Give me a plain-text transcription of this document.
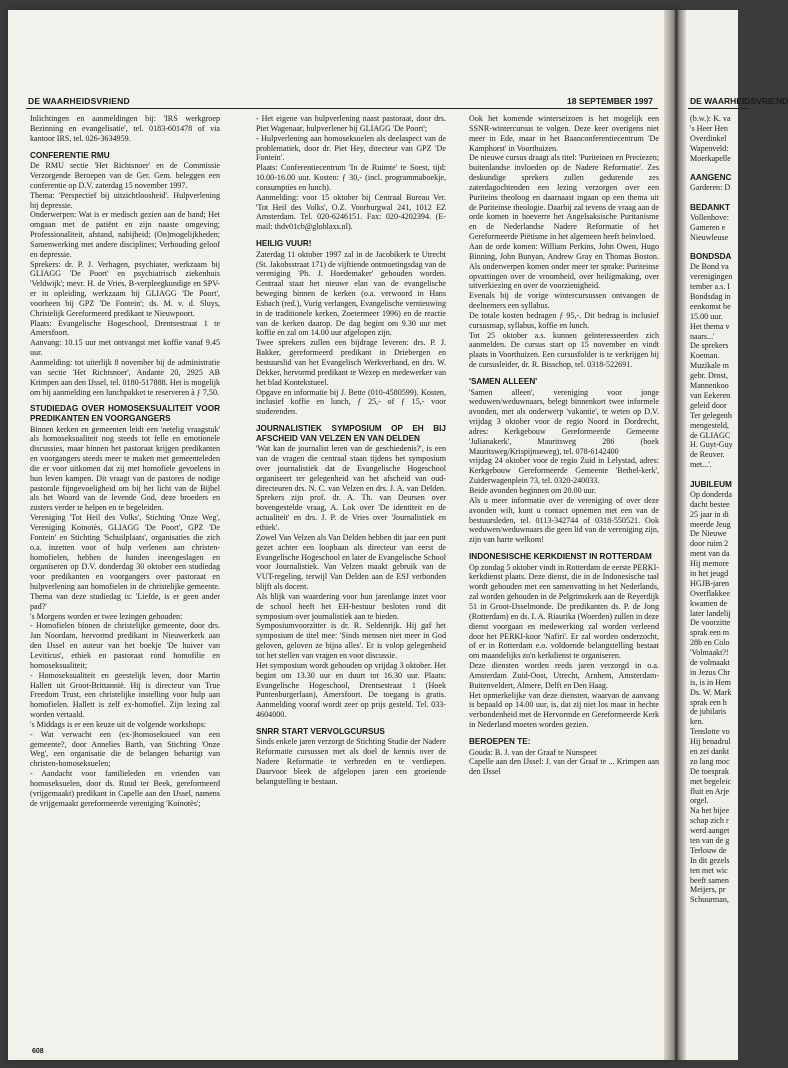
DE WAARHEIDSVRIEND	18 SEPTEMBER 1997

Inlichtingen en aanmeldingen bij: 'IRS werkgroep Bezinning en evangelisatie', tel. 0183-601478 of via kantoor IRS, tel. 026-3634959.

CONFERENTIE RMU

De RMU sectie 'Het Richtsnoer' en de Commissie Verzorgende Beroepen van de Ger. Gem. beleggen een conferentie op D.V. zaterdag 15 november 1997.

Thema: 'Perspectief bij uitzichtloosheid'. Hulpverlening bij depressie.

Onderwerpen: Wat is er medisch gezien aan de hand; Het omgaan met de patiënt en zijn naaste omgeving; Professionaliteit, afstand, nabijheid; (On)mogelijkheden; Samenwerking met andere disciplines; Verhouding geloof en depressie.

Sprekers: dr. P. J. Verhagen, psychiater, werkzaam bij GLIAGG 'De Poort' en psychiatrisch ziekenhuis 'Veldwijk'; mevr. H. de Vries, B-verpleegkundige en SPV-er in opleiding, werkzaam bij GLIAGG 'De Poort', voorheen bij GPZ 'De Fontein'; ds. M. v. d. Sluys, Christelijk Gereformeerd predikant te Nieuwpoort.

Plaats: Evangelische Hogeschool, Drentsestraat 1 te Amersfoort.

Aanvang: 10.15 uur met ontvangst met koffie vanaf 9.45 uur.

Aanmelding: tot uiterlijk 8 november bij de administratie van sectie 'Het Richtsnoer', Andante 20, 2925 AB Krimpen aan den IJssel, tel. 0180-517888. Het is mogelijk om bij aanmelding een lunchpakket te reserveren à ƒ 7,50.

STUDIEDAG OVER HOMOSEKSUALITEIT VOOR PREDIKANTEN EN VOORGANGERS

Binnen kerken en gemeenten leidt een 'netelig vraagstuk' als homoseksualiteit nog steeds tot felle en emotionele discussies, maar binnen het pastoraat krijgen predikanten en voorgangers steeds meer te maken met gemeenteleden die er voor uitkomen dat zij met homofiele gevoelens in hun leven kampen. Dit vraagt van de pastores de nodige pastorale fijngevoeligheid om bij het licht van de Bijbel als het Woord van de levende God, deze broeders en zusters verder te helpen en te begeleiden.

Vereniging 'Tot Heil des Volks', Stichting 'Onze Weg', Vereniging Koinotès, GLIAGG 'De Poort', GPZ 'De Fontein' en Stichting 'Schuilplaats', organisaties die zich o.a. inzetten voor of hulp verlenen aan christen-homofielen, hebben de handen ineengeslagen en organiseren op D.V. donderdag 30 oktober een studiedag voor predikanten en voorgangers over pastoraat en hulpverlening aan homofielen in de christelijke gemeente. Thema van deze studiedag is: 'Liefde, is er geen ander pad?'

's Morgens worden er twee lezingen gehouden:

- Homofielen binnen de christelijke gemeente, door drs. Jan Noordam, hervormd predikant in Nieuwerkerk aan den IJssel en auteur van het boekje 'De huiver van Leviticus', ethiek en pastoraat rond homofilie en homoseksualiteit;

- Homoseksualiteit en geestelijk leven, door Martin Hallett uit Groot-Brittannië. Hij is directeur van True Freedom Trust, een christelijke instelling voor hulp aan homofielen. Hallett is zelf ex-homofiel. Zijn lezing zal worden vertaald.

's Middags is er een keuze uit de volgende workshops:

- Wat verwacht een (ex-)homoseksueel van een gemeente?, door Annelies Barth, van Stichting 'Onze Weg', een organisatie die de belangen behartigt van christen-homoseksuelen;

- Aandacht voor familieleden en vrienden van homoseksuelen, door ds. Ruud ter Beek, gereformeerd (vrijgemaakt) predikant in Capelle aan den IJssel, namens de vrijgemaakt gereformeerde vereniging 'Koinotès';

- Het eigene van hulpverlening naast pastoraat, door drs. Piet Wagenaar, hulpverlener bij GLIAGG 'De Poort';

- Hulpverlening aan homoseksuelen als deelaspect van de problematiek, door dr. Piet Hey, directeur van GPZ 'De Fontein'.

Plaats: Conferentiecentrum 'In de Ruimte' te Soest, tijd: 10.00-16.00 uur. Kosten: ƒ 30,- (incl. programmaboekje, consumpties en lunch).

Aanmelding: voor 15 oktober bij Centraal Bureau Ver. 'Tot Heil des Volks', O.Z. Voorburgwal 241, 1012 EZ Amsterdam. Tel. 020-6246151. Fax: 020-4202394. (E-mail: thdv01cb@globlaxs.nl).

HEILIG VUUR!

Zaterdag 11 oktober 1997 zal in de Jacobikerk te Utrecht (St. Jakobsstraat 171) de vijftiende ontmoetingsdag van de vereniging 'Ph. J. Hoedemaker' gehouden worden. Centraal staat het nieuwe elan van de evangelische beweging binnen de kerken (o.a. verwoord in Hans Esbach (red.), Vurig verlangen, Evangelische vernieuwing in de traditionele kerken, Zoetermeer 1996) en de reactie van de kerken daarop. De dag begint om 9.30 uur met koffie en zal om 14.00 uur afgelopen zijn.

Twee sprekers zullen een bijdrage leveren: drs. P. J. Bakker, gereformeerd predikant in Driebergen en bestuurslid van het Evangelisch Werkverband, en drs. W. Dekker, hervormd predikant te Wezep en medewerker van het blad Kontekstueel.

Opgave en informatie bij J. Bette (010-4580599). Kosten, inclusief koffie en lunch, ƒ 25,- of ƒ 15,- voor studerenden.

JOURNALISTIEK SYMPOSIUM OP EH BIJ AFSCHEID VAN VELZEN EN VAN DELDEN

'Wat kan de journalist leren van de geschiedenis?', is een van de vragen die centraal staan tijdens het symposium over journalistiek dat de Evangelische Hogeschool organiseert ter gelegenheid van het afscheid van oud-directeuren drs. N. C. van Velzen en drs. J. A. van Delden. Sprekers zijn prof. dr. A. Th. van Deursen over bovengestelde vraag, A. Lok over 'De identiteit en de actualiteit' en drs. J. P. de Vries over 'Journalistiek en ethiek'.

Zowel Van Velzen als Van Delden hebben dit jaar een punt gezet achter een loopbaan als directeur van eerst de Evangelische Hogeschool en later de Evangelische School voor Journalistiek. Van Velzen maakt gebruik van de VUT-regeling, terwijl Van Delden aan de ESJ verbonden blijft als docent.

Als blijk van waardering voor hun jarenlange inzet voor de school heeft het EH-bestuur besloten rond dit symposium over journalistiek aan te bieden.

Symposiumvoorzitter is dr. R. Seldenrijk. Hij gaf het symposium de titel mee: 'Sinds mensen niet meer in God geloven, geloven ze bijna alles'. Er is volop gelegenheid tot het stellen van vragen en voor discussie.

Het symposium wordt gehouden op vrijdag 3 oktober. Het begint om 13.30 uur en duurt tot 16.30 uur. Plaats: Evangelische Hogeschool, Drentsestraat 1 (Hoek Puntenburgerlaan), Amersfoort. De toegang is gratis. Aanmelding vooraf wordt zeer op prijs gesteld. Tel. 033-4604000.

SNRR START VERVOLGCURSUS

Sinds enkele jaren verzorgt de Stichting Studie der Nadere Reformatie cursussen met als doel de kennis over de Nadere Reformatie te verbreden en te verdiepen. Daarvoor bleek de afgelopen jaren een groeiende belangstelling te bestaan.

Ook het komende winterseizoen is het mogelijk een SSNR-wintercursus te volgen. Deze keer overigens niet meer in Ede, maar in het Baanconferentiecentrum 'De Kamphorst' in Voorthuizen.

De nieuwe cursus draagt als titel: 'Puriteinen en Preciezen; buitenlandse invloeden op de Nadere Reformatie'. Zes deskundige sprekers zullen gedurende zes zaterdagochtenden een lezing verzorgen over een Puriteins theoloog en daarnaast ingaan op een thema uit de Puriteinse theologie. Daarbij zal tevens de vraag aan de orde komen in hoeverre het Angelsaksische Puritanisme en de Nederlandse Nadere Reformatie of het Gereformeerde Piëtisme in het algemeen heeft beïnvloed.

Aan de orde komen: William Perkins, John Owen, Hugo Binning, John Bunyan, Andrew Gray en Thomas Boston. Als onderwerpen komen onder meer ter sprake: Puriteinse opvattingen over de vroomheid, over heiligmaking, over uitverkiezing en over de voorzienigheid.

Evenals bij de vorige wintercursussen ontvangen de deelnemers een syllabus.

De totale kosten bedragen ƒ 95,-. Dit bedrag is inclusief cursusmap, syllabus, koffie en lunch.

Tot 25 oktober a.s. kunnen geïnteresseerden zich aanmelden. De cursus start op 15 november en vindt plaats in Voorthuizen. Een cursusfolder is te verkrijgen bij de cursusleider, dr. R. Bisschop, tel. 0318-522691.

'SAMEN ALLEEN'

'Samen alleen', vereniging voor jonge weduwen/weduwnaars, belegt binnenkort twee informele avonden, met als onderwerp 'vakantie', te weten op D.V. vrijdag 3 oktober voor de regio Noord in Dordrecht, adres: Kerkgebouw Gereformeerde Gemeente 'Julianakerk', Mauritsweg 286 (hoek Mauritsweg/Krispijnseweg), tel. 078-6142400

vrijdag 24 oktober voor de regio Zuid in Lelystad, adres: Kerkgebouw Gereformeerde Gemeente 'Bethel-kerk', Zuiderwagenplein 73, tel. 0320-240033.

Beide avonden beginnen om 20.00 uur.

Als u meer informatie over de vereniging of over deze avonden wilt, kunt u contact opnemen met een van de bestuursleden, tel. 0113-342744 of 0318-550521. Ook weduwen/weduwnaars die geen lid van de vereniging zijn, zijn van harte welkom!

INDONESISCHE KERKDIENST IN ROTTERDAM

Op zondag 5 oktober vindt in Rotterdam de eerste PERKI-kerkdienst plaats. Deze dienst, die in de Indonesische taal wordt gehouden met een samenvatting in het Nederlands, zal worden gehouden in de Pelgrimskerk aan de Reyerdijk 51 in Groot-IJsselmonde. De predikanten ds. P. de Jong (Rotterdam) en ds. I. A. Riaurika (Woerden) zullen in deze dienst voorgaan en medewerking zal worden verleend door het PERKI-koor 'Nafiri'. Er zal worden onderzocht, of er in Rotterdam e.o. voldoende belangstelling bestaat om maandelijks zo'n kerkdienst te organiseren.

Deze diensten worden reeds jaren verzorgd in o.a. Amsterdam Zuid-Oost, Utrecht, Arnhem, Amsterdam-Buitenveldert, Almere, Delft en Den Haag.

Het opmerkelijke van deze diensten, waarvan de aanvang is bepaald op 14.00 uur, is, dat zij niet los maar in hechte verbondenheid met de Hervormde en Gereformeerde Kerk in Nederland moeten worden gezien.

BEROEPEN TE:

Gouda: B. J. van der Graaf te Nunspeet

Capelle aan den IJssel: J. van der Graaf te ... Krimpen aan den IJssel

608
DE WAARHEIDSVRIEND
(b.w.): K. va
's Heer Hen
Overdinkel
Wapenveld:
Moerkapelle
AANGENC
Garderen: D
BEDANKT
Vollenhove:
Gameren e
Nieuwleuse
BONDSDA
De Bond va
verenigingen
tember a.s. I
Bondsdag in
eenkomst be
15.00 uur.
Het thema v
naars...'
De sprekers
Koeman.
Muzikale m
gebr. Drost,
Mannenkoo
van Eekeren
geleid door
Ter gelegenh
mengesteld,
de GLIAGC
H. Guyt-Guy
de Reuver.
met...'.
JUBILEUM
Op donderda
dacht bestee
25 jaar in di
meerde Jeug
De Nieuwe
door ruim 2
ment van da
Hij memore
in het jeugd
HGJB-jaren
Overflakkee
kwamen de
later landelij
De voorzitte
sprak een m
28b en Colo
'Volmaakt?!
de volmaakt
in Jezus Chr
is, is in Hem
Ds. W. Mark
sprak een h
de jubilaris
ken.
Tenslotte vo
Hij benadrul
en zei dankt
zo lang moc
De toesprak
met begeleic
fluit en Arje
orgel.
Na het bijee
schap zich r
werd aanget
ten van de g
Terlouw de
In dit gezels
ten met wic
beeft samen
Meijers, pr
Schuurman,
